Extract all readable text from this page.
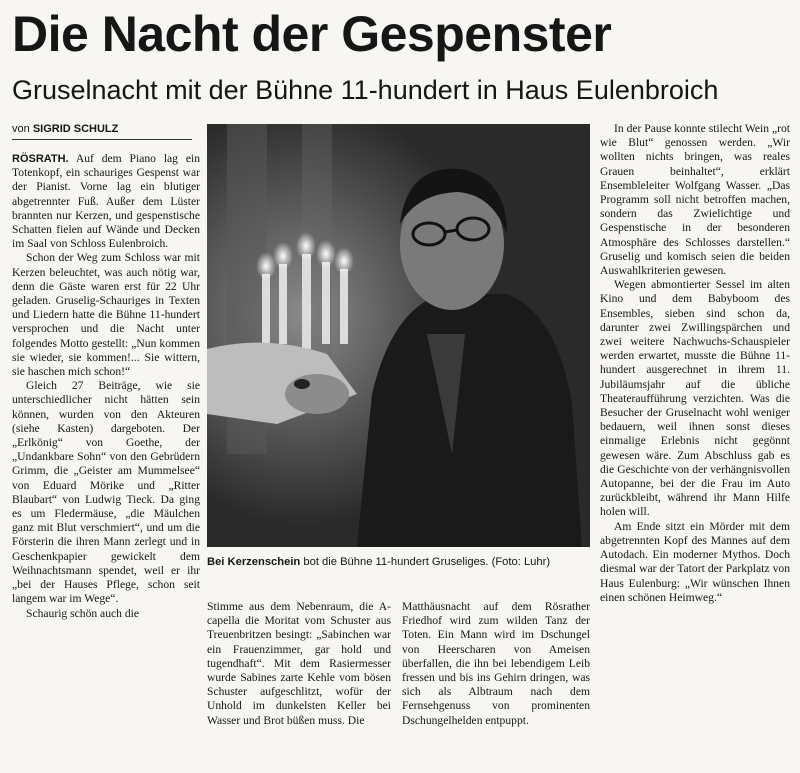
Die Nacht der Gespenster
Gruselnacht mit der Bühne 11-hundert in Haus Eulenbroich
von SIGRID SCHULZ

RÖSRATH. Auf dem Piano lag ein Totenkopf, ein schauriges Gespenst war der Pianist. Vorne lag ein blutiger abgetrennter Fuß. Außer dem Lüster brannten nur Kerzen, und gespenstische Schatten fielen auf Wände und Decken im Saal von Schloss Eulenbroich.

Schon der Weg zum Schloss war mit Kerzen beleuchtet, was auch nötig war, denn die Gäste waren erst für 22 Uhr geladen. Gruselig-Schauriges in Texten und Liedern hatte die Bühne 11-hundert versprochen und die Nacht unter folgendes Motto gestellt: „Nun kommen sie wieder, sie kommen!... Sie wittern, sie haschen mich schon!“

Gleich 27 Beiträge, wie sie unterschiedlicher nicht hätten sein können, wurden von den Akteuren (siehe Kasten) dargeboten. Der „Erlkönig“ von Goethe, der „Undankbare Sohn“ von den Gebrüdern Grimm, die „Geister am Mummelsee“ von Eduard Mörike und „Ritter Blaubart“ von Ludwig Tieck. Da ging es um Fledermäuse, „die Mäulchen ganz mit Blut verschmiert“, und um die Försterin die ihren Mann zerlegt und in Geschenkpapier gewickelt dem Weihnachtsmann spendet, weil er ihr „bei der Hauses Pflege, schon seit langem war im Wege“.

Schaurig schön auch die

Bei Kerzenschein bot die Bühne 11-hundert Gruseliges. (Foto: Luhr)

Stimme aus dem Nebenraum, die A-capella die Moritat vom Schuster aus Treuenbritzen besingt: „Sabinchen war ein Frauenzimmer, gar hold und tugendhaft“. Mit dem Rasiermesser wurde Sabines zarte Kehle vom bösen Schuster aufgeschlitzt, wofür der Unhold im dunkelsten Keller bei Wasser und Brot büßen muss. Die

Matthäusnacht auf dem Rösrather Friedhof wird zum wilden Tanz der Toten. Ein Mann wird im Dschungel von Heerscharen von Ameisen überfallen, die ihn bei lebendigem Leib fressen und bis ins Gehirn dringen, was sich als Albtraum nach dem Fernsehgenuss von prominenten Dschungelhelden entpuppt.

In der Pause konnte stilecht Wein „rot wie Blut“ genossen werden. „Wir wollten nichts bringen, was reales Grauen beinhaltet“, erklärt Ensembleleiter Wolfgang Wasser. „Das Programm soll nicht betroffen machen, sondern das Zwielichtige und Gespenstische in der besonderen Atmosphäre des Schlosses darstellen.“ Gruselig und komisch seien die beiden Auswahlkriterien gewesen.

Wegen abmontierter Sessel im alten Kino und dem Babyboom des Ensembles, sieben sind schon da, darunter zwei Zwillingspärchen und zwei weitere Nachwuchs-Schauspieler werden erwartet, musste die Bühne 11-hundert ausgerechnet in ihrem 11. Jubiläumsjahr auf die übliche Theateraufführung verzichten. Was die Besucher der Gruselnacht wohl weniger bedauern, weil ihnen sonst dieses einmalige Erlebnis nicht gegönnt gewesen wäre. Zum Abschluss gab es die Geschichte von der verhängnisvollen Autopanne, bei der die Frau im Auto zurückbleibt, während ihr Mann Hilfe holen will.

Am Ende sitzt ein Mörder mit dem abgetrennten Kopf des Mannes auf dem Autodach. Ein moderner Mythos. Doch diesmal war der Tatort der Parkplatz von Haus Eulenburg: „Wir wünschen Ihnen einen schönen Heimweg.“
